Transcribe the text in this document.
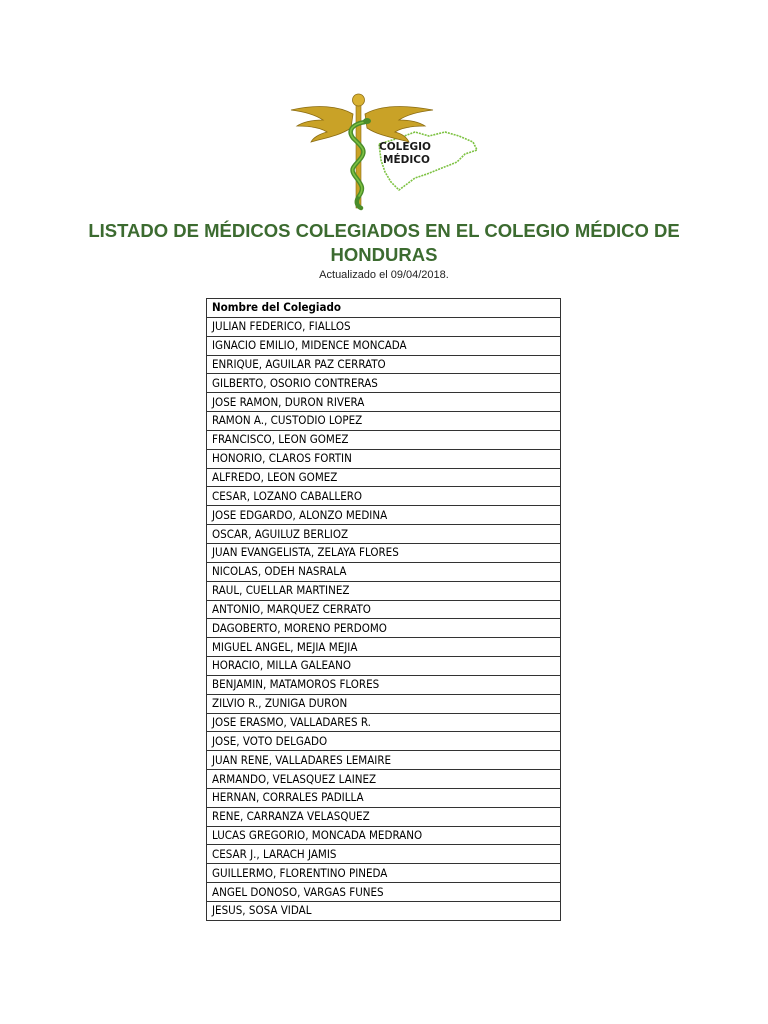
COLEGIO
MÉDICO
LISTADO DE MÉDICOS COLEGIADOS EN EL COLEGIO MÉDICO DE
HONDURAS
Actualizado el 09/04/2018.
Nombre del Colegiado
JULIAN FEDERICO, FIALLOS
IGNACIO EMILIO, MIDENCE MONCADA
ENRIQUE, AGUILAR PAZ CERRATO
GILBERTO, OSORIO CONTRERAS
JOSE RAMON, DURON RIVERA
RAMON A., CUSTODIO LOPEZ
FRANCISCO, LEON GOMEZ
HONORIO, CLAROS FORTIN
ALFREDO, LEON GOMEZ
CESAR, LOZANO CABALLERO
JOSE EDGARDO, ALONZO MEDINA
OSCAR, AGUILUZ BERLIOZ
JUAN EVANGELISTA, ZELAYA FLORES
NICOLAS, ODEH NASRALA
RAUL, CUELLAR MARTINEZ
ANTONIO, MARQUEZ CERRATO
DAGOBERTO, MORENO PERDOMO
MIGUEL ANGEL, MEJIA MEJIA
HORACIO, MILLA GALEANO
BENJAMIN, MATAMOROS FLORES
ZILVIO R., ZUNIGA DURON
JOSE ERASMO, VALLADARES R.
JOSE, VOTO DELGADO
JUAN RENE, VALLADARES LEMAIRE
ARMANDO, VELASQUEZ LAINEZ
HERNAN, CORRALES PADILLA
RENE, CARRANZA VELASQUEZ
LUCAS GREGORIO, MONCADA MEDRANO
CESAR J., LARACH JAMIS
GUILLERMO, FLORENTINO PINEDA
ANGEL DONOSO, VARGAS FUNES
JESUS, SOSA VIDAL
